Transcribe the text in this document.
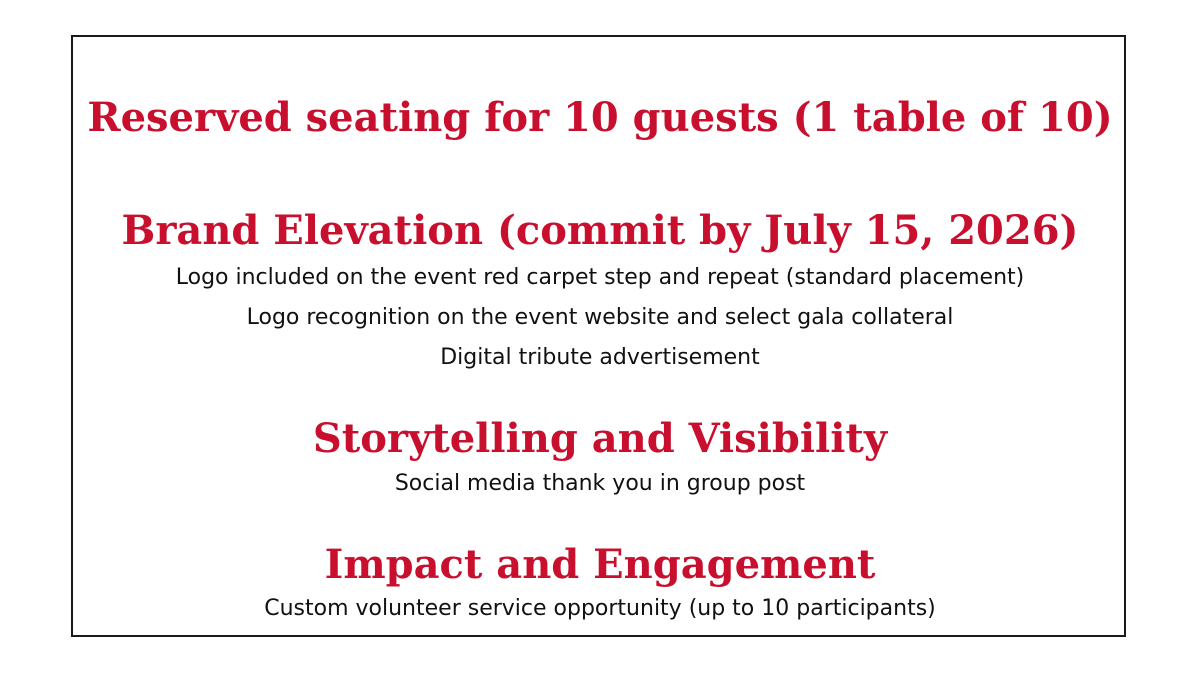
Reserved seating for 10 guests (1 table of 10)
Brand Elevation (commit by July 15, 2026)

Logo included on the event red carpet step and repeat (standard placement)

Logo recognition on the event website and select gala collateral

Digital tribute advertisement

Storytelling and Visibility

Social media thank you in group post

Impact and Engagement

Custom volunteer service opportunity (up to 10 participants)
